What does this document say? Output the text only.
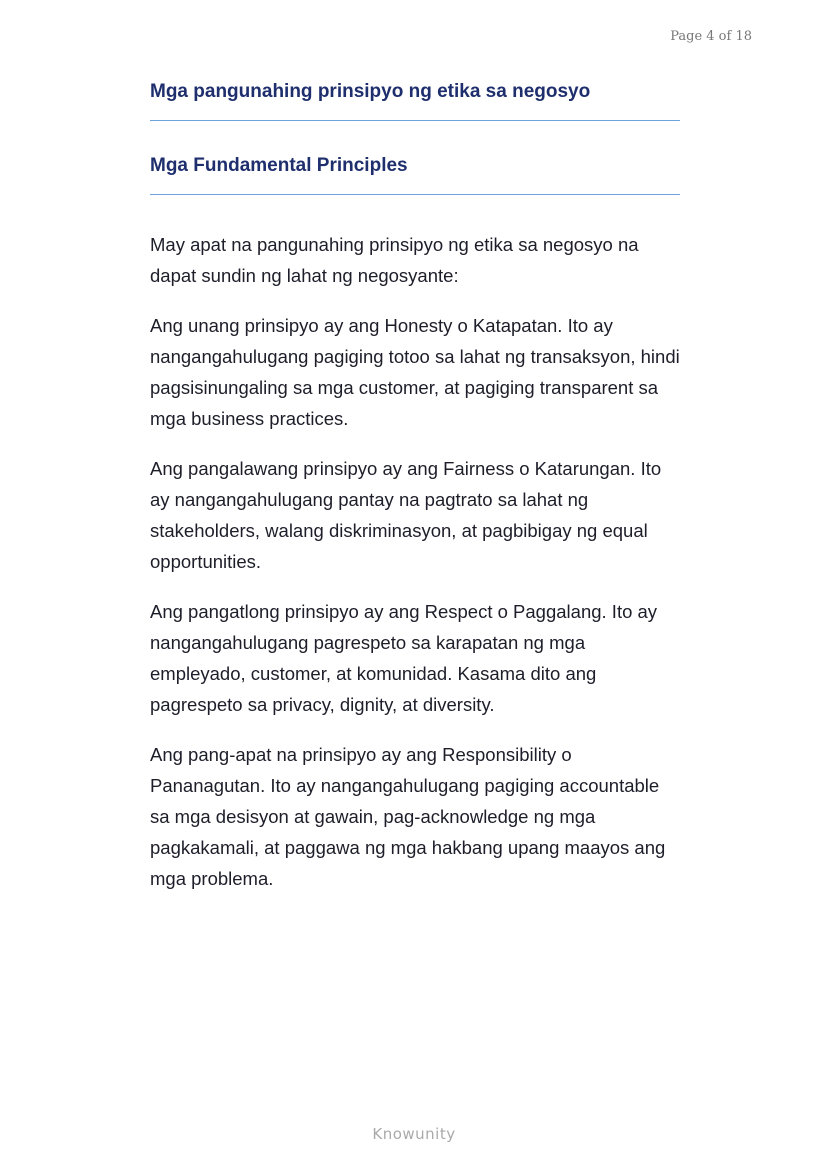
Page 4 of 18
Mga pangunahing prinsipyo ng etika sa negosyo
Mga Fundamental Principles

May apat na pangunahing prinsipyo ng etika sa negosyo na dapat sundin ng lahat ng negosyante:

Ang unang prinsipyo ay ang Honesty o Katapatan. Ito ay nangangahulugang pagiging totoo sa lahat ng transaksyon, hindi pagsisinungaling sa mga customer, at pagiging transparent sa mga business practices.

Ang pangalawang prinsipyo ay ang Fairness o Katarungan. Ito ay nangangahulugang pantay na pagtrato sa lahat ng stakeholders, walang diskriminasyon, at pagbibigay ng equal opportunities.

Ang pangatlong prinsipyo ay ang Respect o Paggalang. Ito ay nangangahulugang pagrespeto sa karapatan ng mga empleyado, customer, at komunidad. Kasama dito ang pagrespeto sa privacy, dignity, at diversity.

Ang pang-apat na prinsipyo ay ang Responsibility o Pananagutan. Ito ay nangangahulugang pagiging accountable sa mga desisyon at gawain, pag-acknowledge ng mga pagkakamali, at paggawa ng mga hakbang upang maayos ang mga problema.

Knowunity
